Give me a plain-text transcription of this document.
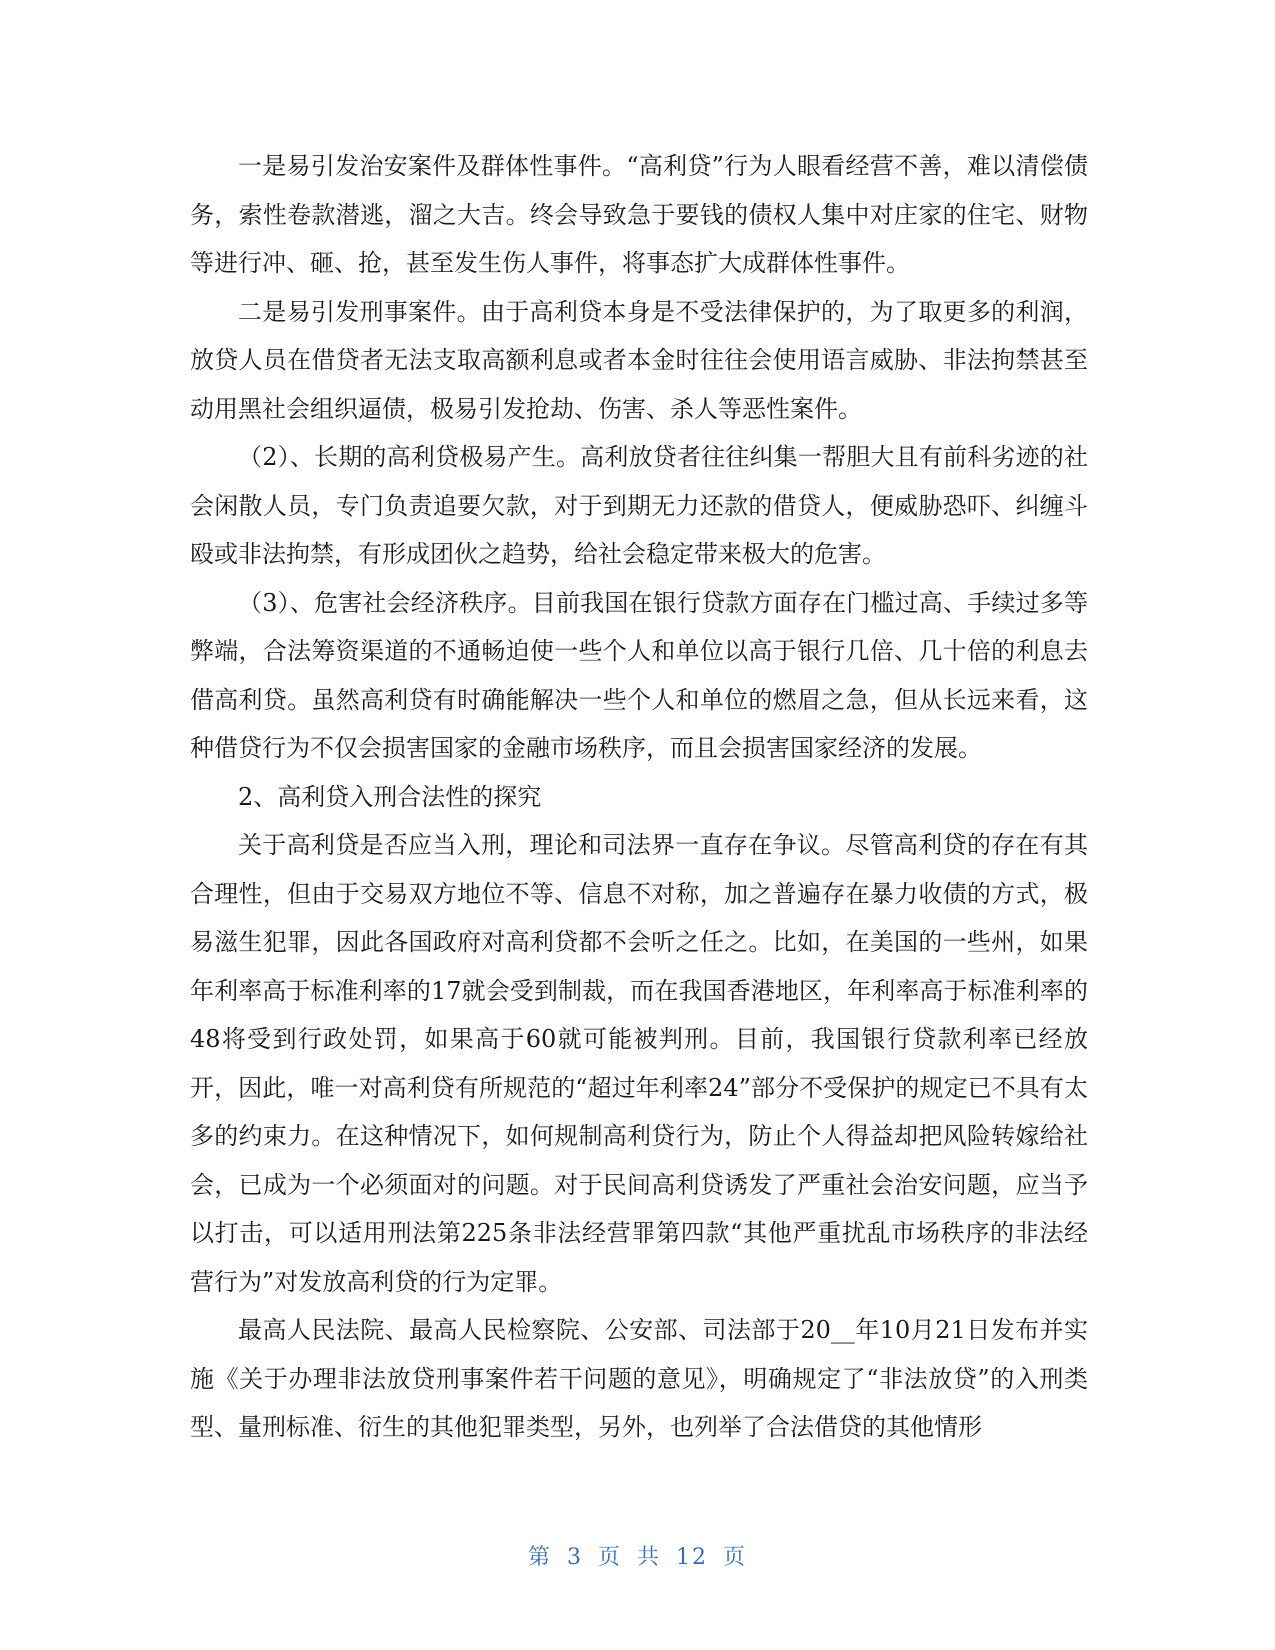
一是易引发治安案件及群体性事件。“高利贷”行为人眼看经营不善，难以清偿债务，索性卷款潜逃，溜之大吉。终会导致急于要钱的债权人集中对庄家的住宅、财物等进行冲、砸、抢，甚至发生伤人事件，将事态扩大成群体性事件。

二是易引发刑事案件。由于高利贷本身是不受法律保护的，为了取更多的利润，放贷人员在借贷者无法支取高额利息或者本金时往往会使用语言威胁、非法拘禁甚至动用黑社会组织逼债，极易引发抢劫、伤害、杀人等恶性案件。

（2）、长期的高利贷极易产生。高利放贷者往往纠集一帮胆大且有前科劣迹的社会闲散人员，专门负责追要欠款，对于到期无力还款的借贷人，便威胁恐吓、纠缠斗殴或非法拘禁，有形成团伙之趋势，给社会稳定带来极大的危害。

（3）、危害社会经济秩序。目前我国在银行贷款方面存在门槛过高、手续过多等弊端，合法筹资渠道的不通畅迫使一些个人和单位以高于银行几倍、几十倍的利息去借高利贷。虽然高利贷有时确能解决一些个人和单位的燃眉之急，但从长远来看，这种借贷行为不仅会损害国家的金融市场秩序，而且会损害国家经济的发展。

2、高利贷入刑合法性的探究

关于高利贷是否应当入刑，理论和司法界一直存在争议。尽管高利贷的存在有其合理性，但由于交易双方地位不等、信息不对称，加之普遍存在暴力收债的方式，极易滋生犯罪，因此各国政府对高利贷都不会听之任之。比如，在美国的一些州，如果年利率高于标准利率的17就会受到制裁，而在我国香港地区，年利率高于标准利率的48将受到行政处罚，如果高于60就可能被判刑。目前，我国银行贷款利率已经放开，因此，唯一对高利贷有所规范的“超过年利率24”部分不受保护的规定已不具有太多的约束力。在这种情况下，如何规制高利贷行为，防止个人得益却把风险转嫁给社会，已成为一个必须面对的问题。对于民间高利贷诱发了严重社会治安问题，应当予以打击，可以适用刑法第225条非法经营罪第四款“其他严重扰乱市场秩序的非法经营行为”对发放高利贷的行为定罪。

最高人民法院、最高人民检察院、公安部、司法部于20__年10月21日发布并实施《关于办理非法放贷刑事案件若干问题的意见》，明确规定了“非法放贷”的入刑类型、量刑标准、衍生的其他犯罪类型，另外，也列举了合法借贷的其他情形

第 3 页 共 12 页
